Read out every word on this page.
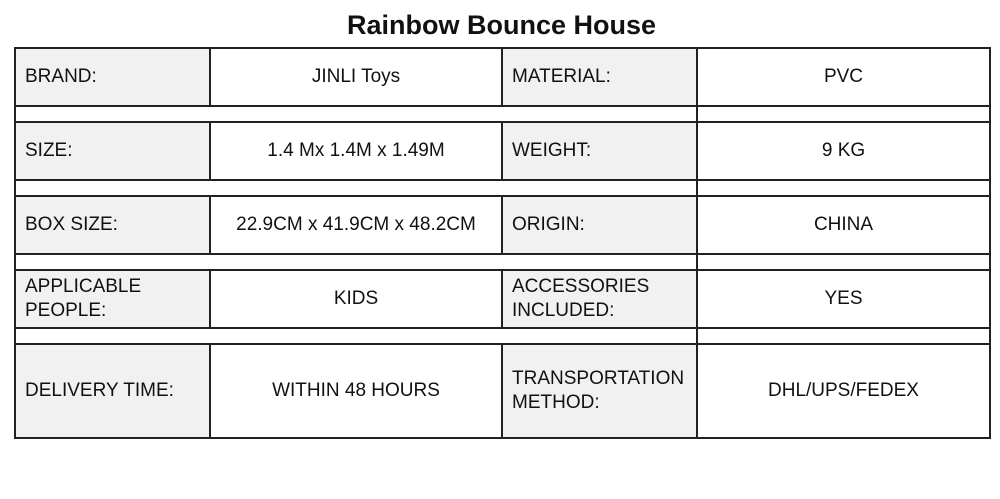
Rainbow Bounce House
BRAND:	JINLI Toys	MATERIAL:	PVC

SIZE:	1.4 Mx 1.4M x 1.49M	WEIGHT:	9 KG

BOX SIZE:	22.9CM x 41.9CM x 48.2CM	ORIGIN:	CHINA

APPLICABLE PEOPLE:	KIDS	ACCESSORIES INCLUDED:	YES

DELIVERY TIME:	WITHIN 48 HOURS	TRANSPORTATION METHOD:	DHL/UPS/FEDEX
